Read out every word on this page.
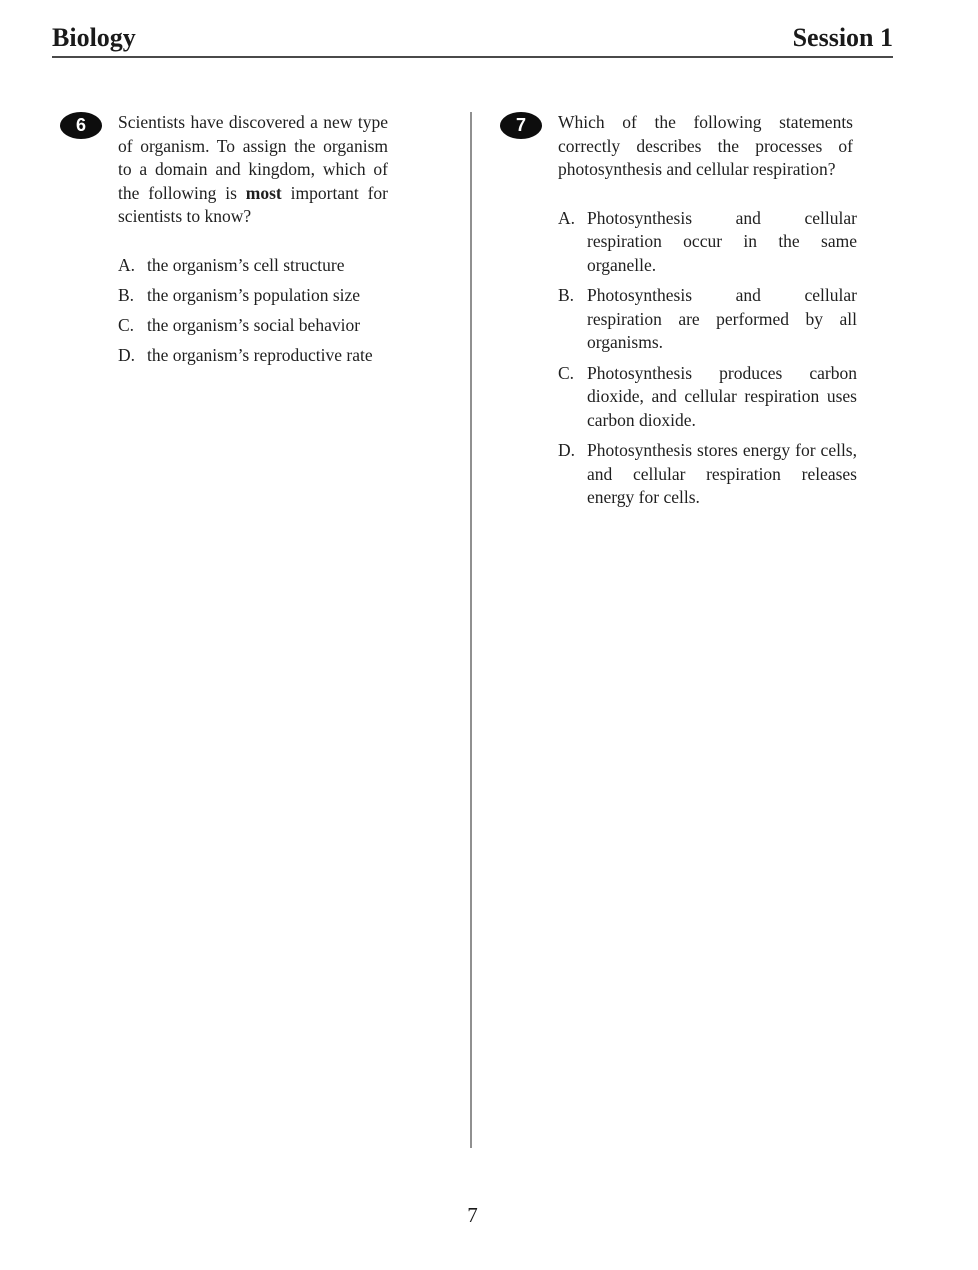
Biology	Session 1
6	Scientists have discovered a new type of organism. To assign the organism to a domain and kingdom, which of the following is most important for scientists to know?
A. the organism’s cell structure
B. the organism’s population size
C. the organism’s social behavior
D. the organism’s reproductive rate
7	Which of the following statements correctly describes the processes of photosynthesis and cellular respiration?
A. Photosynthesis and cellular respiration occur in the same organelle.
B. Photosynthesis and cellular respiration are performed by all organisms.
C. Photosynthesis produces carbon dioxide, and cellular respiration uses carbon dioxide.
D. Photosynthesis stores energy for cells, and cellular respiration releases energy for cells.
7
